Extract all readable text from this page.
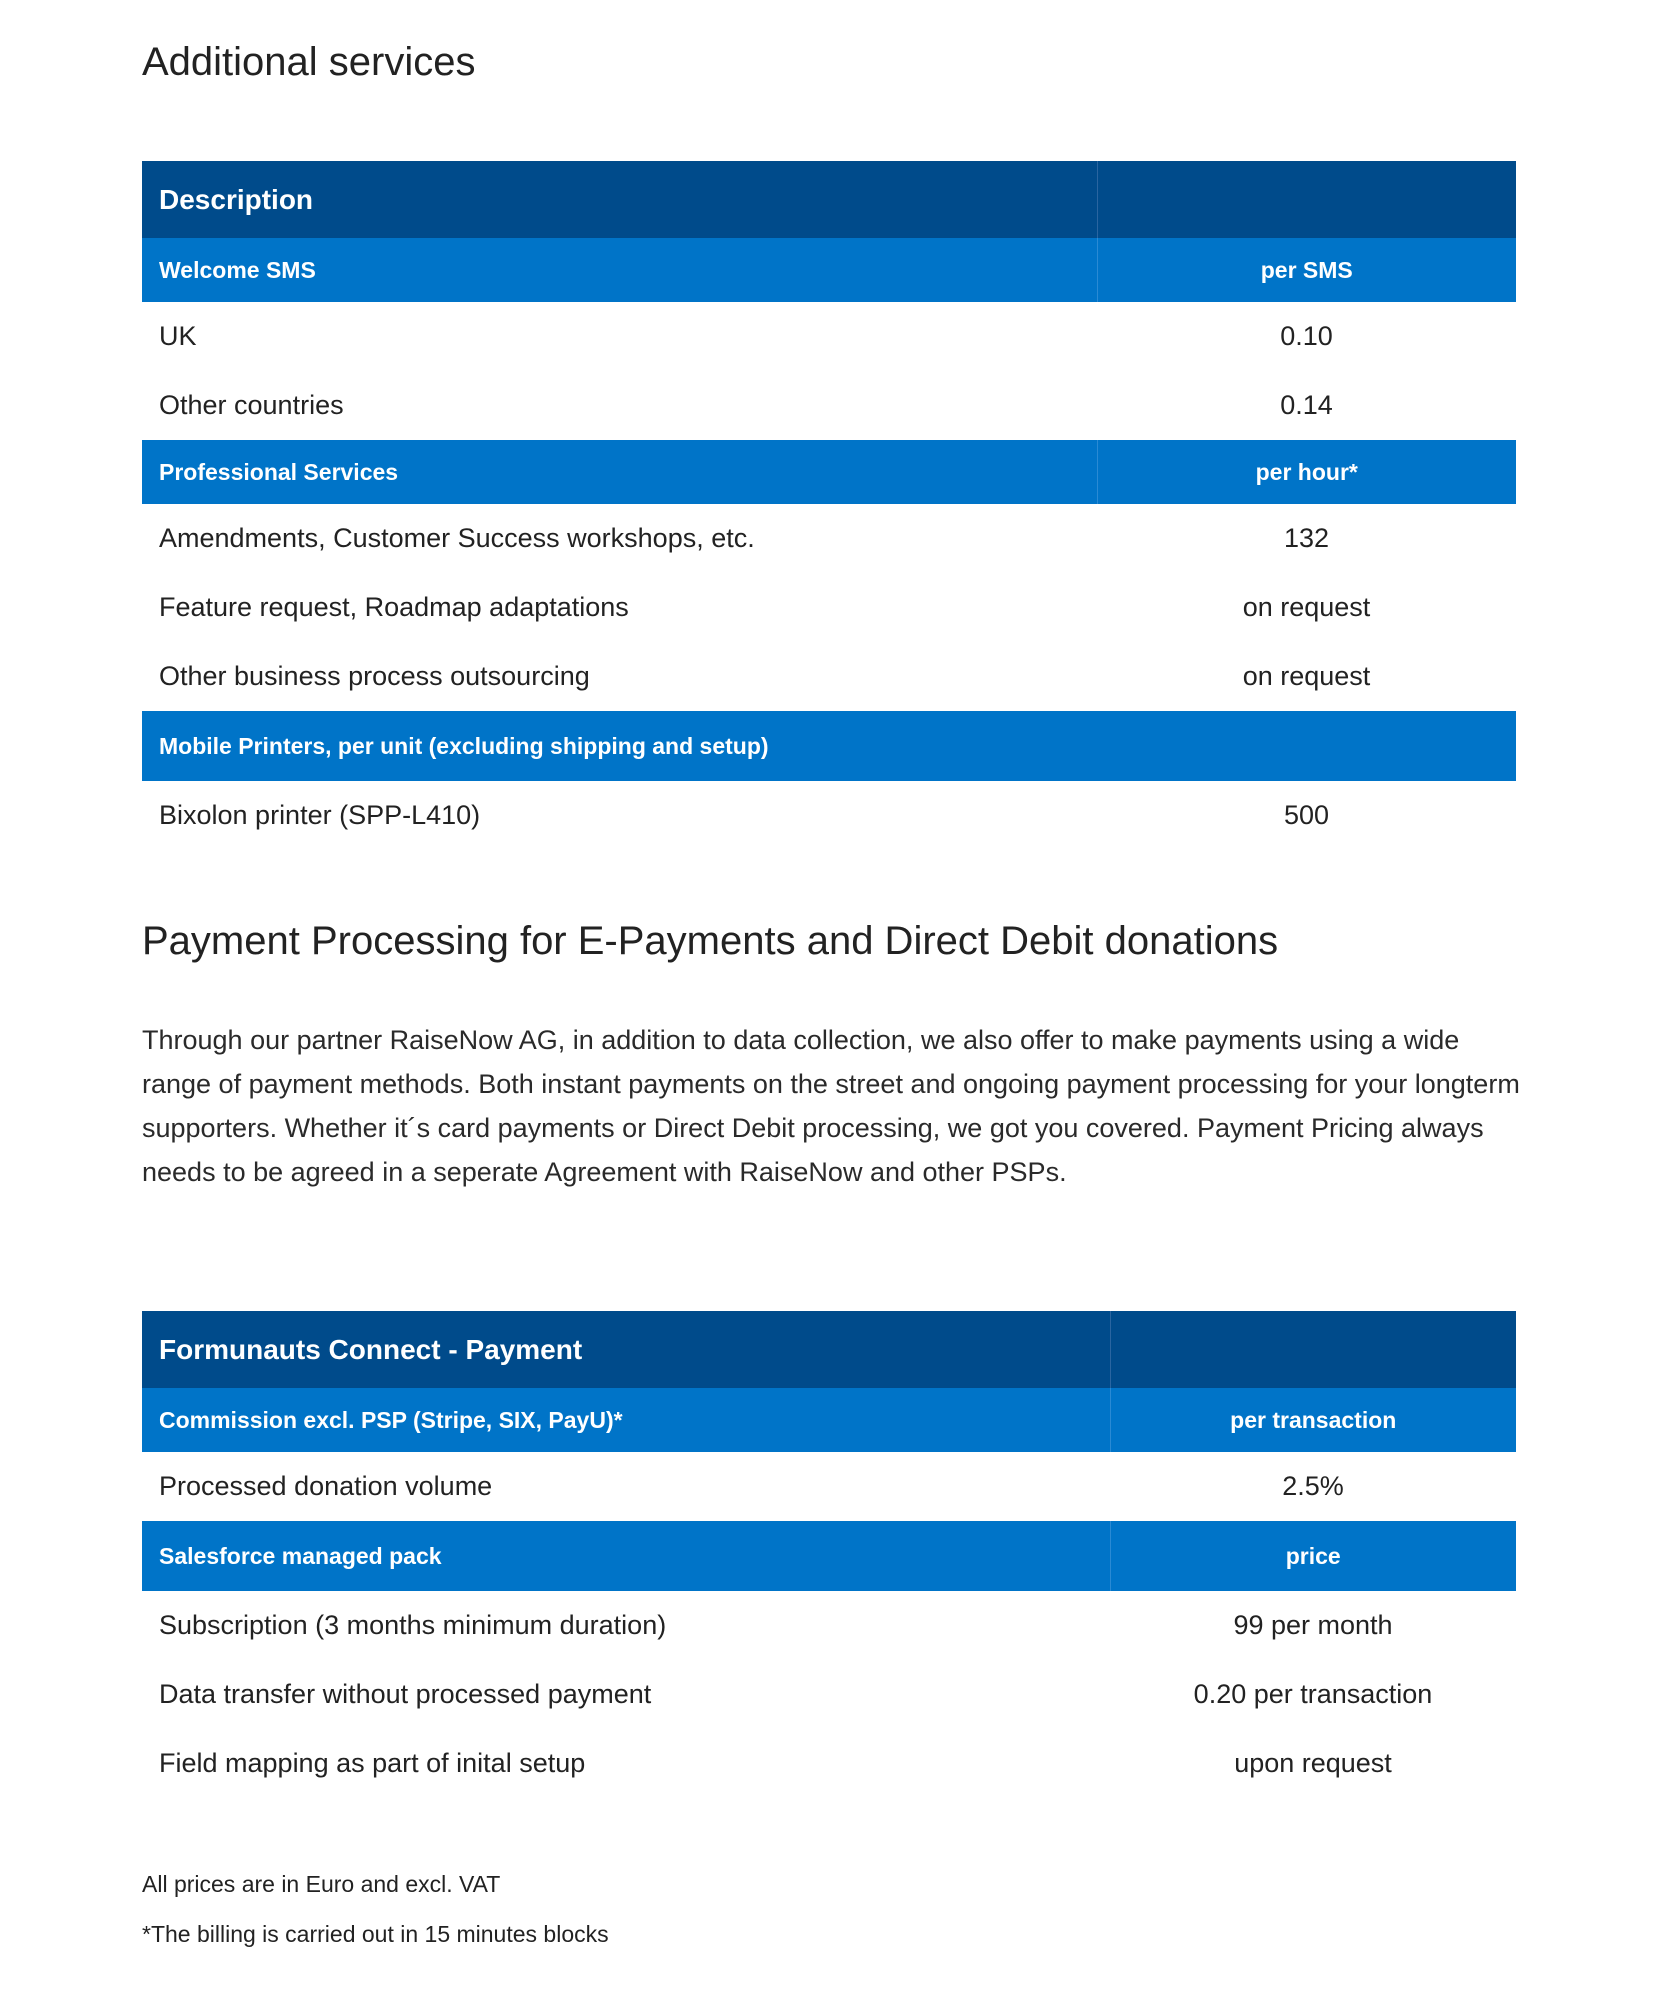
Additional services
Description	
Welcome SMS	per SMS
UK	0.10
Other countries	0.14
Professional Services	per hour*
Amendments, Customer Success workshops, etc.	132
Feature request, Roadmap adaptations	on request
Other business process outsourcing	on request
Mobile Printers, per unit (excluding shipping and setup)	
Bixolon printer (SPP-L410)	500
Payment Processing for E-Payments and Direct Debit donations

Through our partner RaiseNow AG, in addition to data collection, we also offer to make payments using a wide range of payment methods. Both instant payments on the street and ongoing payment processing for your longterm supporters. Whether it´s card payments or Direct Debit processing, we got you covered. Payment Pricing always needs to be agreed in a seperate Agreement with RaiseNow and other PSPs.

Formunauts Connect - Payment	
Commission excl. PSP (Stripe, SIX, PayU)*	per transaction
Processed donation volume	2.5%
Salesforce managed pack	price
Subscription (3 months minimum duration)	99 per month
Data transfer without processed payment	0.20 per transaction
Field mapping as part of inital setup	upon request

All prices are in Euro and excl. VAT

*The billing is carried out in 15 minutes blocks
